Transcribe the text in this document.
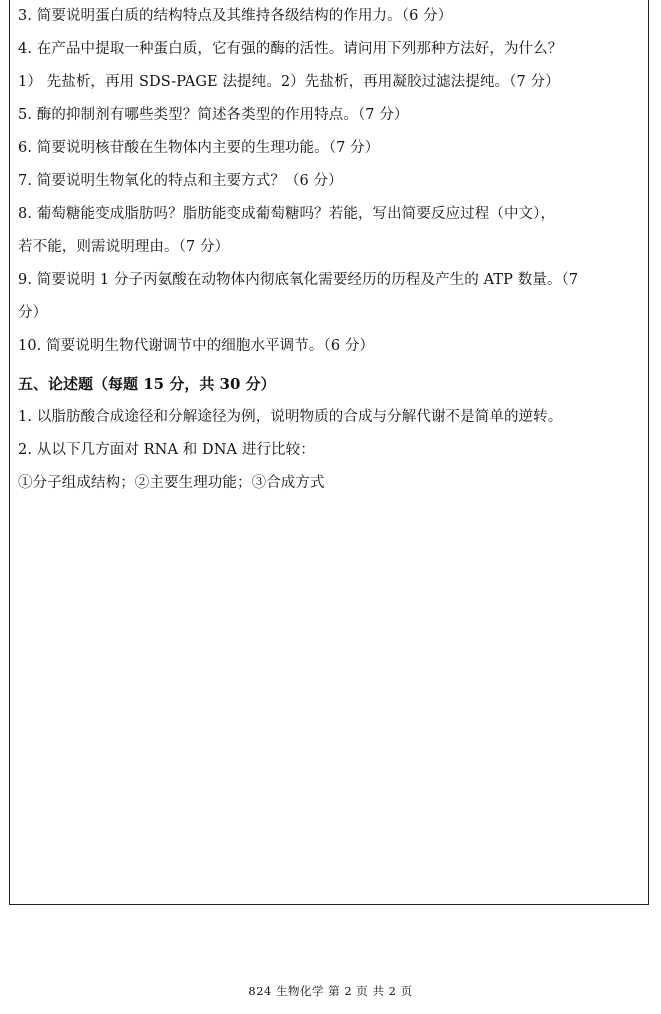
3. 简要说明蛋白质的结构特点及其维持各级结构的作用力。（6 分）
4. 在产品中提取一种蛋白质，它有强的酶的活性。请问用下列那种方法好，为什么？
1） 先盐析，再用 SDS-PAGE 法提纯。2）先盐析，再用凝胶过滤法提纯。（7 分）
5. 酶的抑制剂有哪些类型？简述各类型的作用特点。（7 分）
6. 简要说明核苷酸在生物体内主要的生理功能。（7 分）
7. 简要说明生物氧化的特点和主要方式？（6 分）
8. 葡萄糖能变成脂肪吗？脂肪能变成葡萄糖吗？若能，写出简要反应过程（中文），
若不能，则需说明理由。（7 分）
9. 简要说明 1 分子丙氨酸在动物体内彻底氧化需要经历的历程及产生的 ATP 数量。（7
分）
10. 简要说明生物代谢调节中的细胞水平调节。（6 分）
五、论述题（每题 15 分，共 30 分）
1. 以脂肪酸合成途径和分解途径为例，说明物质的合成与分解代谢不是简单的逆转。
2. 从以下几方面对 RNA 和 DNA 进行比较：
①分子组成结构；②主要生理功能；③合成方式
824 生物化学 第 2 页 共 2 页
